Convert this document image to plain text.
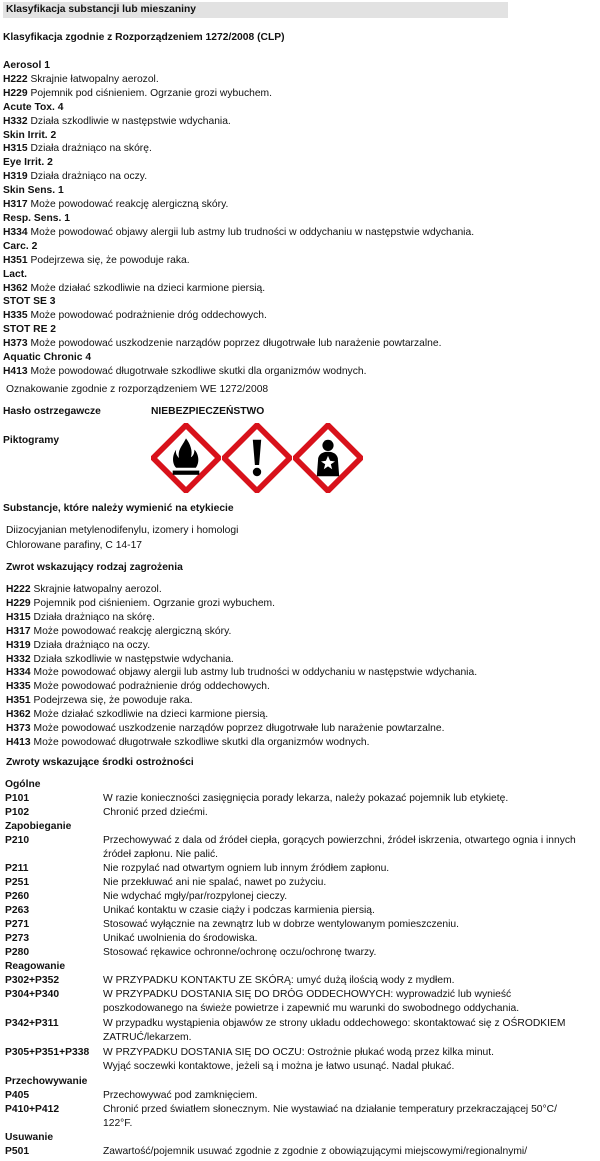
Klasyfikacja substancji lub mieszaniny
Klasyfikacja zgodnie z Rozporządzeniem 1272/2008 (CLP)
Aerosol 1
H222 Skrajnie łatwopalny aerozol.
H229 Pojemnik pod ciśnieniem. Ogrzanie grozi wybuchem.
Acute Tox. 4
H332 Działa szkodliwie w następstwie wdychania.
Skin Irrit. 2
H315 Działa drażniąco na skórę.
Eye Irrit. 2
H319 Działa drażniąco na oczy.
Skin Sens. 1
H317 Może powodować reakcję alergiczną skóry.
Resp. Sens. 1
H334 Może powodować objawy alergii lub astmy lub trudności w oddychaniu w następstwie wdychania.
Carc. 2
H351 Podejrzewa się, że powoduje raka.
Lact.
H362 Może działać szkodliwie na dzieci karmione piersią.
STOT SE 3
H335 Może powodować podrażnienie dróg oddechowych.
STOT RE 2
H373 Może powodować uszkodzenie narządów poprzez długotrwałe lub narażenie powtarzalne.
Aquatic Chronic 4
H413 Może powodować długotrwałe szkodliwe skutki dla organizmów wodnych.
Oznakowanie zgodnie z rozporządzeniem WE 1272/2008
Hasło ostrzegawcze	NIEBEZPIECZEŃSTWO
Piktogramy
Substancje, które należy wymienić na etykiecie
Diizocyjanian metylenodifenylu, izomery i homologi
Chlorowane parafiny, C 14-17
Zwrot wskazujący rodzaj zagrożenia
H222 Skrajnie łatwopalny aerozol.
H229 Pojemnik pod ciśnieniem. Ogrzanie grozi wybuchem.
H315 Działa drażniąco na skórę.
H317 Może powodować reakcję alergiczną skóry.
H319 Działa drażniąco na oczy.
H332 Działa szkodliwie w następstwie wdychania.
H334 Może powodować objawy alergii lub astmy lub trudności w oddychaniu w następstwie wdychania.
H335 Może powodować podrażnienie dróg oddechowych.
H351 Podejrzewa się, że powoduje raka.
H362 Może działać szkodliwie na dzieci karmione piersią.
H373 Może powodować uszkodzenie narządów poprzez długotrwałe lub narażenie powtarzalne.
H413 Może powodować długotrwałe szkodliwe skutki dla organizmów wodnych.
Zwroty wskazujące środki ostrożności
Ogólne
P101	W razie konieczności zasięgnięcia porady lekarza, należy pokazać pojemnik lub etykietę.
P102	Chronić przed dziećmi.
Zapobieganie
P210	Przechowywać z dala od źródeł ciepła, gorących powierzchni, źródeł iskrzenia, otwartego ognia i innych źródeł zapłonu. Nie palić.
P211	Nie rozpylać nad otwartym ogniem lub innym źródłem zapłonu.
P251	Nie przekłuwać ani nie spalać, nawet po zużyciu.
P260	Nie wdychać mgły/par/rozpylonej cieczy.
P263	Unikać kontaktu w czasie ciąży i podczas karmienia piersią.
P271	Stosować wyłącznie na zewnątrz lub w dobrze wentylowanym pomieszczeniu.
P273	Unikać uwolnienia do środowiska.
P280	Stosować rękawice ochronne/ochronę oczu/ochronę twarzy.
Reagowanie
P302+P352	W PRZYPADKU KONTAKTU ZE SKÓRĄ: umyć dużą ilością wody z mydłem.
P304+P340	W PRZYPADKU DOSTANIA SIĘ DO DRÓG ODDECHOWYCH: wyprowadzić lub wynieść poszkodowanego na świeże powietrze i zapewnić mu warunki do swobodnego oddychania.
P342+P311	W przypadku wystąpienia objawów ze strony układu oddechowego: skontaktować się z OŚRODKIEM ZATRUĆ/lekarzem.
P305+P351+P338 W PRZYPADKU DOSTANIA SIĘ DO OCZU: Ostrożnie płukać wodą przez kilka minut.
Wyjąć soczewki kontaktowe, jeżeli są i można je łatwo usunąć. Nadal płukać.
Przechowywanie
P405	Przechowywać pod zamknięciem.
P410+P412	Chronić przed światłem słonecznym. Nie wystawiać na działanie temperatury przekraczającej 50°C/ 122°F.
Usuwanie
P501	Zawartość/pojemnik usuwać zgodnie z zgodnie z obowiązującymi miejscowymi/regionalnymi/
